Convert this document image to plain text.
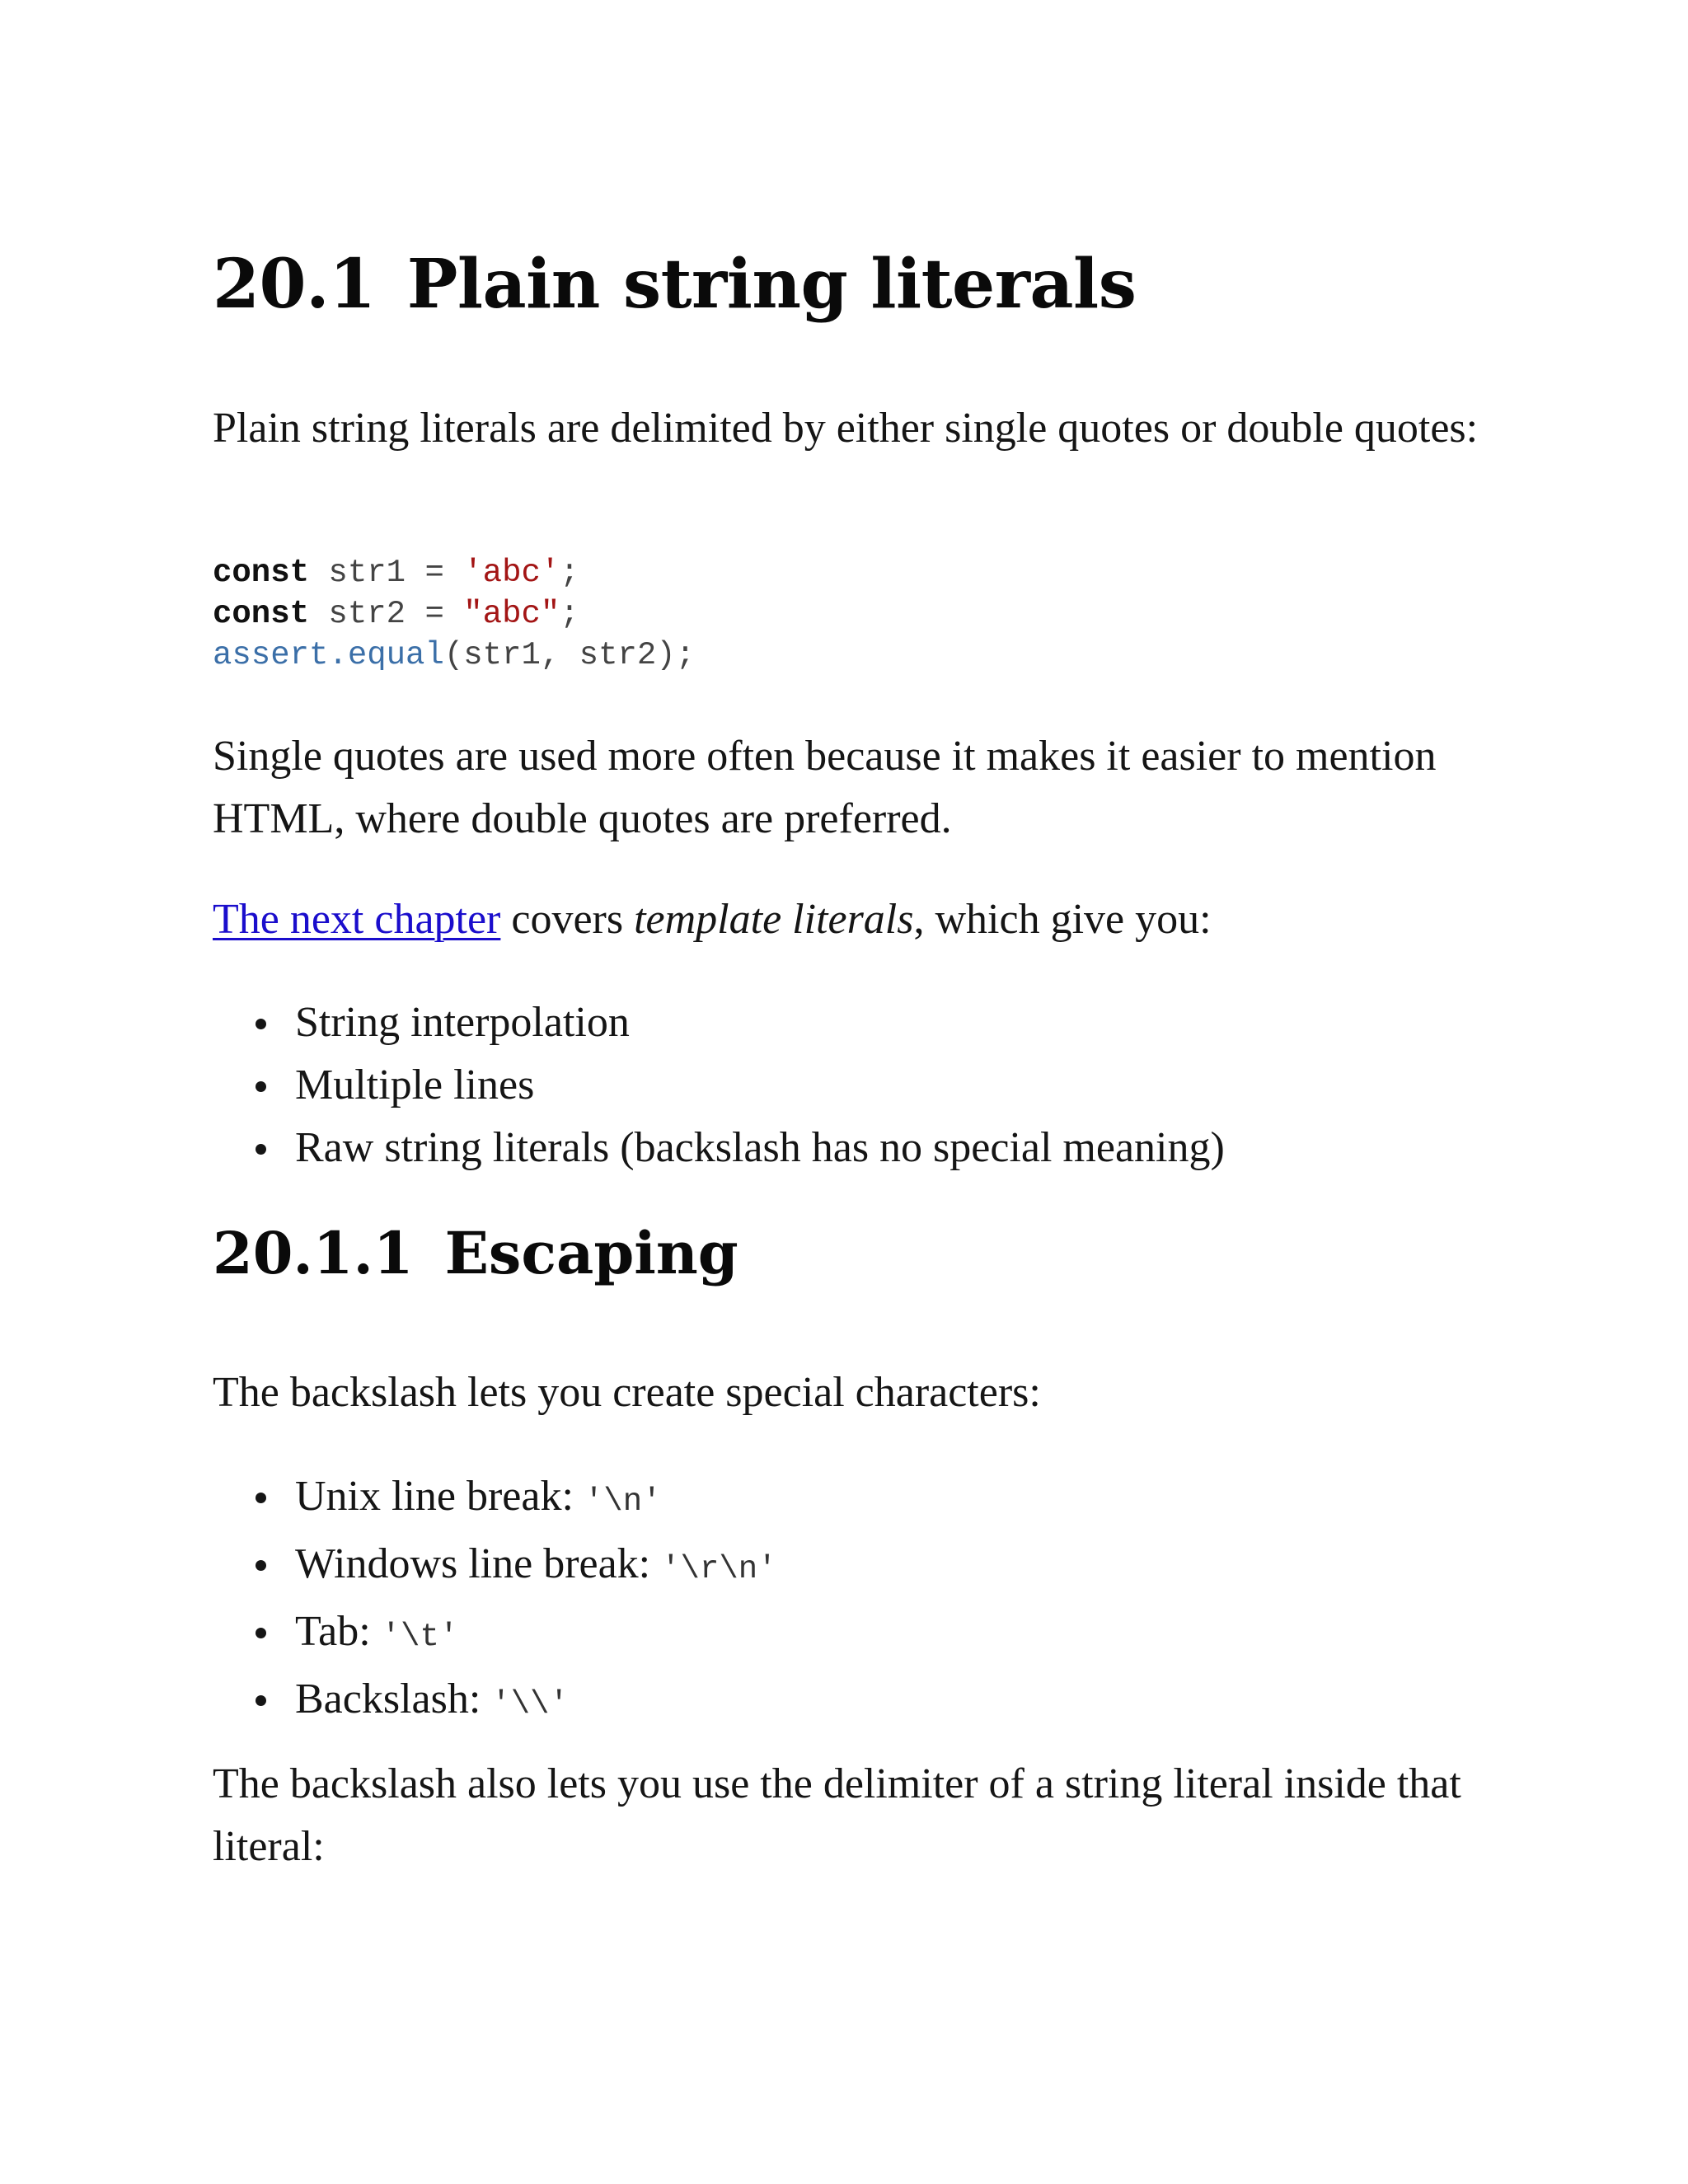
20.1 Plain string literals

Plain string literals are delimited by either single quotes or double quotes:

const str1 = 'abc';
const str2 = "abc";
assert.equal(str1, str2);

Single quotes are used more often because it makes it easier to mention HTML, where double quotes are preferred.

The next chapter covers template literals, which give you:

String interpolation
Multiple lines
Raw string literals (backslash has no special meaning)
20.1.1 Escaping

The backslash lets you create special characters:

Unix line break: '\n'
Windows line break: '\r\n'
Tab: '\t'
Backslash: '\\'

The backslash also lets you use the delimiter of a string literal inside that literal:
